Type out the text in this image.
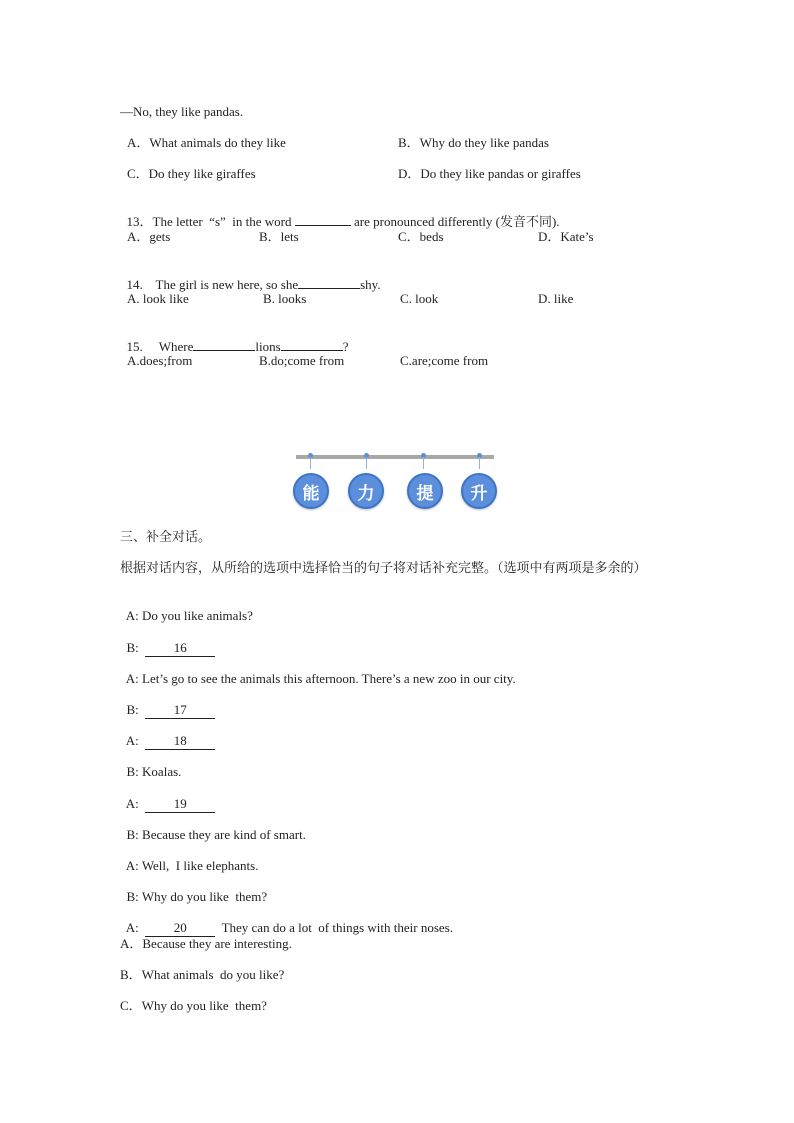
—No, they like pandas.
A．What animals do they like	B．Why do they like pandas
C．Do they like giraffes	D．Do they like pandas or giraffes

13．The letter  “s”  in the word	are pronounced differently (发音不同).

A．gets	B．lets	C．beds	D．Kate’s

14. The girl is new here, so she	shy.

A. look like	B. looks	C. look	D. like

15. Where	lions	?

A.does;from	B.do;come from	C.are;come from
能	力	提	升
三、补全对话。
根据对话内容，从所给的选项中选择恰当的句子将对话补充完整。（选项中有两项是多余的）

A: Do you like animals?

B:	16

A: Let’s go to see the animals this afternoon. There’s a new zoo in our city.

B:	17

A:	18

B: Koalas.

A:	19

B: Because they are kind of smart.

A: Well,  I like elephants.

B: Why do you like  them?

A:	20	They can do a lot  of things with their noses.

A．Because they are interesting.
B．What animals  do you like?
C．Why do you like  them?
